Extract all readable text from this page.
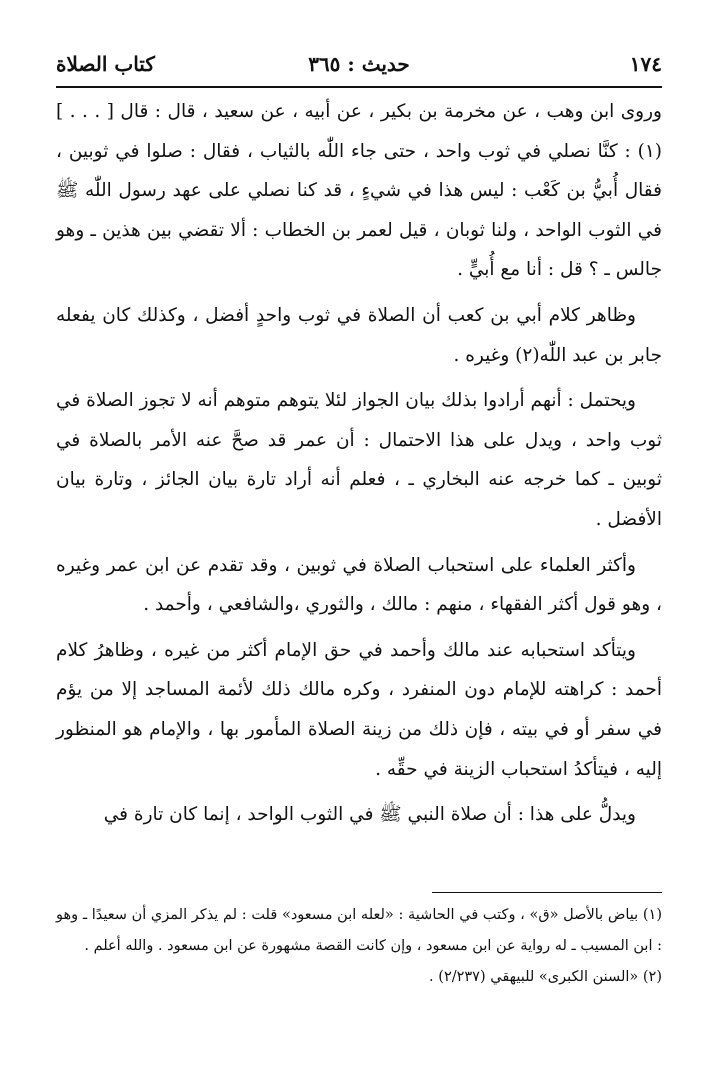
١٧٤
حديث : ٣٦٥
كتاب الصلاة

وروى ابن وهب ، عن مخرمة بن بكير ، عن أبيه ، عن سعيد ، قال : قال [ . . . ](١) : كنَّا نصلي في ثوب واحد ، حتى جاء اللّٰه بالثياب ، فقال : صلوا في ثوبين ، فقال أُبيُّ بن كَعْب : ليس هذا في شيءٍ ، قد كنا نصلي على عهد رسول اللّٰه ﷺ في الثوب الواحد ، ولنا ثوبان ، قيل لعمر بن الخطاب : ألا تقضي بين هذين ـ وهو جالس ـ ؟ قل : أنا مع أُبيٍّ .

وظاهر كلام أبي بن كعب أن الصلاة في ثوب واحدٍ أفضل ، وكذلك كان يفعله جابر بن عبد اللّٰه(٢) وغيره .

ويحتمل : أنهم أرادوا بذلك بيان الجواز لئلا يتوهم متوهم أنه لا تجوز الصلاة في ثوب واحد ، ويدل على هذا الاحتمال : أن عمر قد صحَّ عنه الأمر بالصلاة في ثوبين ـ كما خرجه عنه البخاري ـ ، فعلم أنه أراد تارة بيان الجائز ، وتارة بيان الأفضل .

وأكثر العلماء على استحباب الصلاة في ثوبين ، وقد تقدم عن ابن عمر وغيره ، وهو قول أكثر الفقهاء ، منهم : مالك ، والثوري ،والشافعي ، وأحمد .

ويتأكد استحبابه عند مالك وأحمد في حق الإمام أكثر من غيره ، وظاهرُ كلام أحمد : كراهته للإمام دون المنفرد ، وكره مالك ذلك لأئمة المساجد إلا من يؤم في سفر أو في بيته ، فإن ذلك من زينة الصلاة المأمور بها ، والإمام هو المنظور إليه ، فيتأكدُ استحباب الزينة في حقِّه .

ويدلُّ على هذا : أن صلاة النبي ﷺ في الثوب الواحد ، إنما كان تارة في

(١) بياض بالأصل «ق» ، وكتب في الحاشية : «لعله ابن مسعود» قلت : لم يذكر المزي أن سعيدًا ـ وهو : ابن المسيب ـ له رواية عن ابن مسعود ، وإن كانت القصة مشهورة عن ابن مسعود . والله أعلم .

(٢) «السنن الكبرى» للبيهقي (٢/٢٣٧) .
